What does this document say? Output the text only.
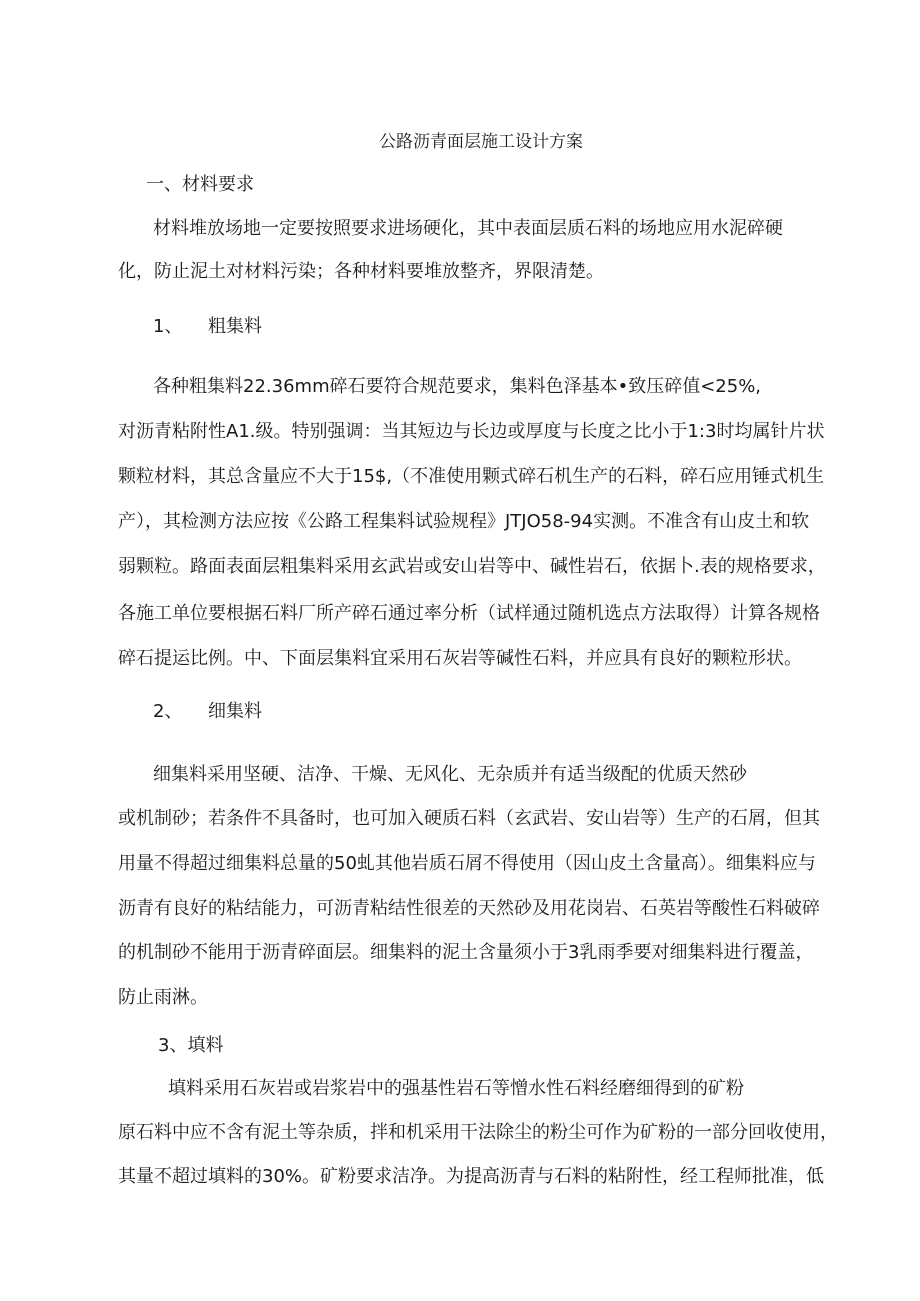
公路沥青面层施工设计方案

一、材料要求

材料堆放场地一定要按照要求进场硬化，其中表面层质石料的场地应用水泥碎硬

化，防止泥土对材料污染；各种材料要堆放整齐，界限清楚。

1、 粗集料

各种粗集料22.36mm碎石要符合规范要求，集料色泽基本•致压碎值<25%,

对沥青粘附性A1.级。特别强调：当其短边与长边或厚度与长度之比小于1:3时均属针片状

颗粒材料，其总含量应不大于15$,（不准使用颗式碎石机生产的石料，碎石应用锤式机生

产），其检测方法应按《公路工程集料试验规程》JTJO58-94实测。不准含有山皮土和软

弱颗粒。路面表面层粗集料采用玄武岩或安山岩等中、碱性岩石，依据卜.表的规格要求，

各施工单位要根据石料厂所产碎石通过率分析（试样通过随机选点方法取得）计算各规格

碎石提运比例。中、下面层集料宜采用石灰岩等碱性石料，并应具有良好的颗粒形状。

2、 细集料

细集料采用坚硬、洁净、干燥、无风化、无杂质并有适当级配的优质天然砂

或机制砂；若条件不具备时，也可加入硬质石料（玄武岩、安山岩等）生产的石屑，但其

用量不得超过细集料总量的50虬其他岩质石屑不得使用（因山皮土含量高）。细集料应与

沥青有良好的粘结能力，可沥青粘结性很差的天然砂及用花岗岩、石英岩等酸性石料破碎

的机制砂不能用于沥青碎面层。细集料的泥土含量须小于3乳雨季要对细集料进行覆盖，

防止雨淋。

3、填料

填料采用石灰岩或岩浆岩中的强基性岩石等憎水性石料经磨细得到的矿粉

原石料中应不含有泥土等杂质，拌和机采用干法除尘的粉尘可作为矿粉的一部分回收使用，

其量不超过填料的30%。矿粉要求洁净。为提高沥青与石料的粘附性，经工程师批准，低
